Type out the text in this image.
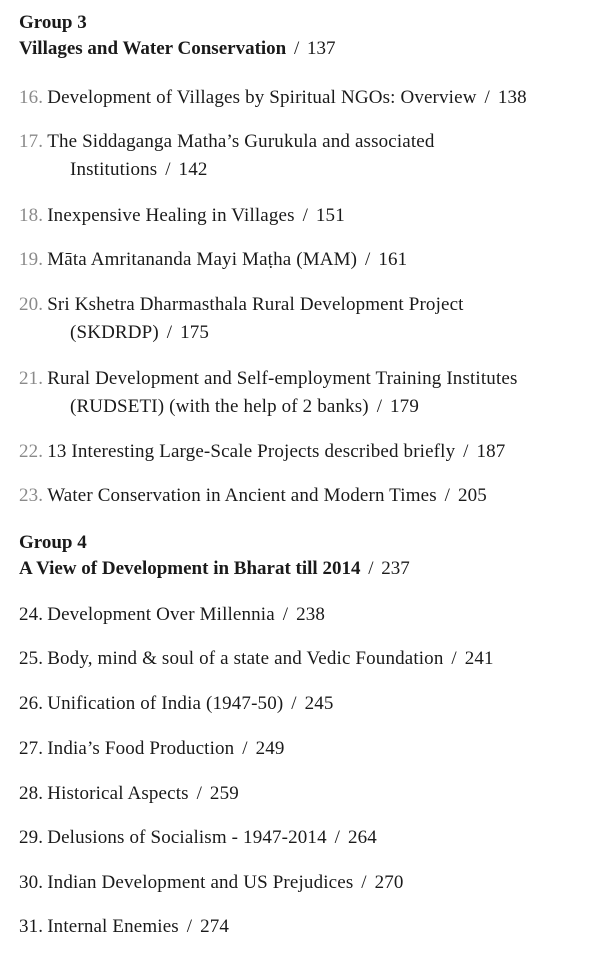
Group 3
Villages and Water Conservation / 137
16. Development of Villages by Spiritual NGOs: Overview / 138
17. The Siddaganga Matha’s Gurukula and associated
Institutions / 142
18. Inexpensive Healing in Villages / 151
19. Māta Amritananda Mayi Maṭha (MAM) / 161
20. Sri Kshetra Dharmasthala Rural Development Project
(SKDRDP) / 175
21. Rural Development and Self-employment Training Institutes
(RUDSETI) (with the help of 2 banks) / 179
22. 13 Interesting Large-Scale Projects described briefly / 187
23. Water Conservation in Ancient and Modern Times / 205
Group 4
A View of Development in Bharat till 2014 / 237
24. Development Over Millennia / 238
25. Body, mind & soul of a state and Vedic Foundation / 241
26. Unification of India (1947-50) / 245
27. India’s Food Production / 249
28. Historical Aspects / 259
29. Delusions of Socialism - 1947-2014 / 264
30. Indian Development and US Prejudices / 270
31. Internal Enemies / 274
